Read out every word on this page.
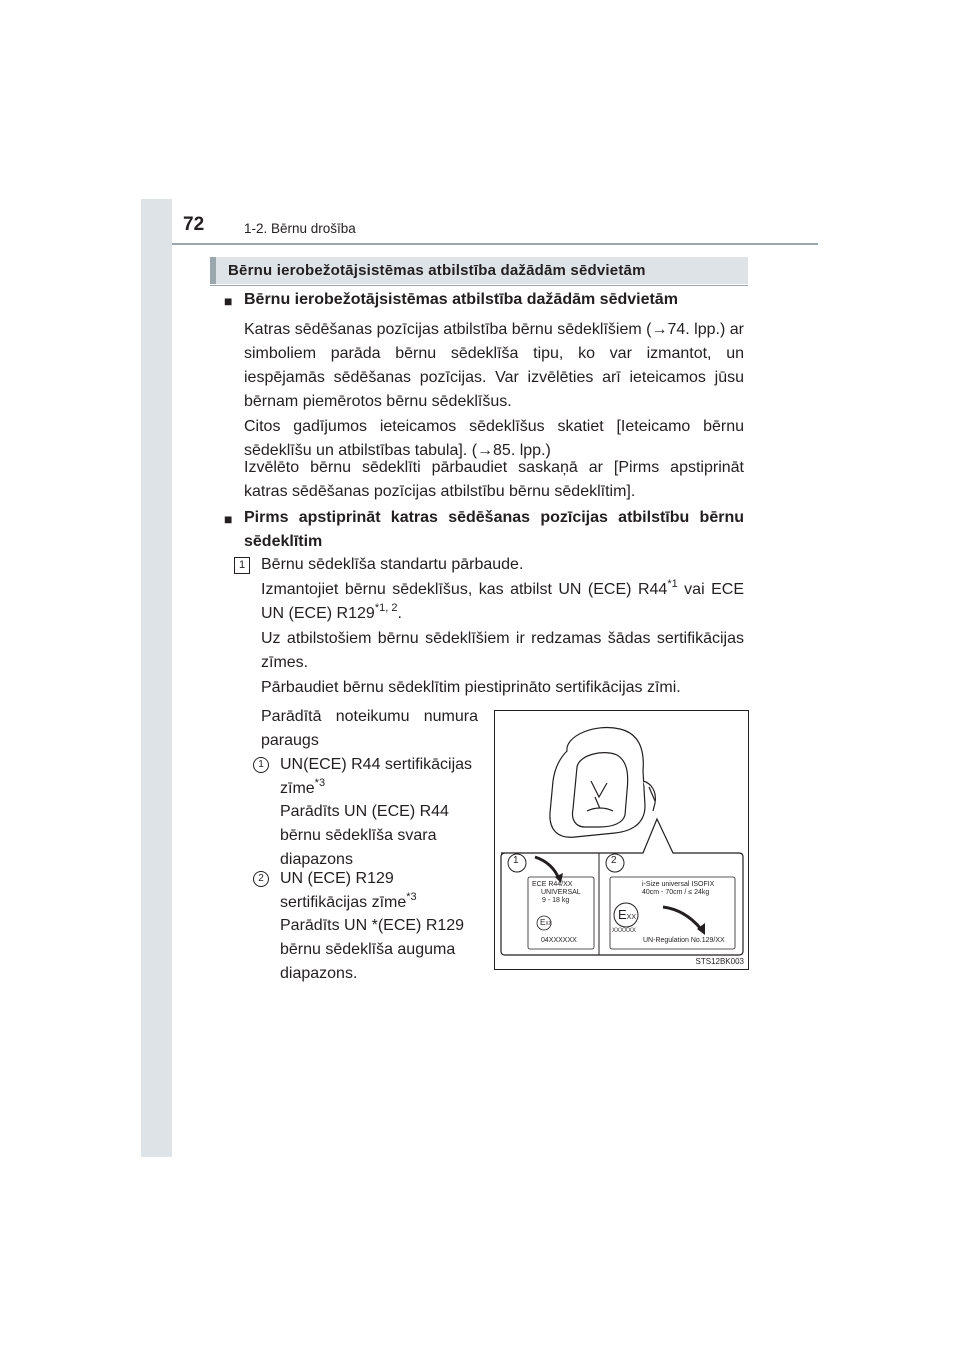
72	1-2. Bērnu drošība
Bērnu ierobežotājsistēmas atbilstība dažādām sēdvietām
■ Bērnu ierobežotājsistēmas atbilstība dažādām sēdvietām
Katras sēdēšanas pozīcijas atbilstība bērnu sēdeklīšiem (→74. lpp.) ar simboliem parāda bērnu sēdeklīša tipu, ko var izmantot, un iespējamās sēdēšanas pozīcijas. Var izvēlēties arī ieteicamos jūsu bērnam piemērotos bērnu sēdeklīšus.
Citos gadījumos ieteicamos sēdeklīšus skatiet [Ieteicamo bērnu sēdeklīšu un atbilstības tabula]. (→85. lpp.)
Izvēlēto bērnu sēdeklīti pārbaudiet saskaņā ar [Pirms apstiprināt katras sēdēšanas pozīcijas atbilstību bērnu sēdeklītim].
■ Pirms apstiprināt katras sēdēšanas pozīcijas atbilstību bērnu sēdeklītim
1 Bērnu sēdeklīša standartu pārbaude.
Izmantojiet bērnu sēdeklīšus, kas atbilst UN (ECE) R44$^{*1}$ vai ECE UN (ECE) R129$^{*1, 2}$.
Uz atbilstošiem bērnu sēdeklīšiem ir redzamas šādas sertifikācijas zīmes.
Pārbaudiet bērnu sēdeklītim piestiprināto sertifikācijas zīmi.
Parādītā noteikumu numura paraugs
1	UN(ECE) R44 sertifikācijas zīme$^{*3}$
Parādīts UN (ECE) R44 bērnu sēdeklīša svara diapazons
2	UN (ECE) R129 sertifikācijas zīme$^{*3}$
Parādīts UN *(ECE) R129 bērnu sēdeklīša auguma diapazons.
1	2
ECE R44/XX
UNIVERSAL
9 - 18 kg
EXX
04XXXXXX
i-Size universal ISOFIX
40cm - 70cm / ≤ 24kg
EXX
XXXXXX
UN-Regulation No.129/XX
STS12BK003
